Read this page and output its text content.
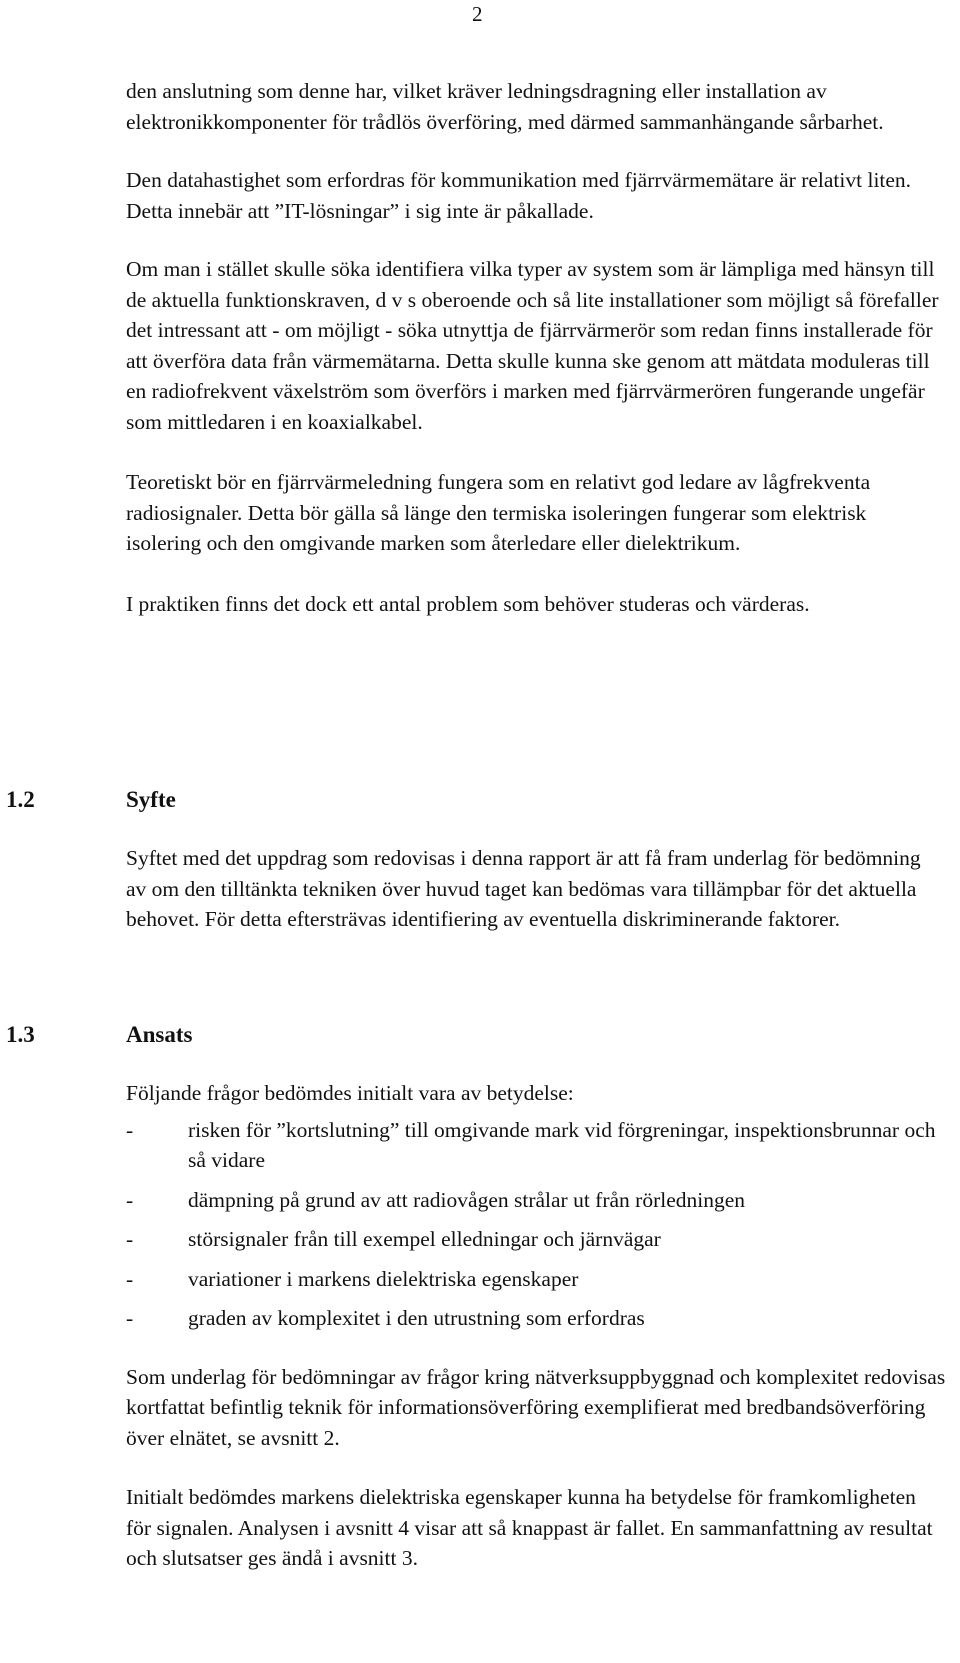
2

den anslutning som denne har, vilket kräver ledningsdragning eller installation av elektronikkomponenter för trådlös överföring, med därmed sammanhängande sårbarhet.

Den datahastighet som erfordras för kommunikation med fjärrvärmemätare är relativt liten. Detta innebär att ”IT-lösningar” i sig inte är påkallade.

Om man i stället skulle söka identifiera vilka typer av system som är lämpliga med hänsyn till de aktuella funktionskraven, d v s oberoende och så lite installationer som möjligt så förefaller det intressant att - om möjligt - söka utnyttja de fjärrvärmerör som redan finns installerade för att överföra data från värmemätarna. Detta skulle kunna ske genom att mätdata moduleras till en radiofrekvent växelström som överförs i marken med fjärrvärmerören fungerande ungefär som mittledaren i en koaxialkabel.

Teoretiskt bör en fjärrvärmeledning fungera som en relativt god ledare av lågfrekventa radiosignaler. Detta bör gälla så länge den termiska isoleringen fungerar som elektrisk isolering och den omgivande marken som återledare eller dielektrikum.

I praktiken finns det dock ett antal problem som behöver studeras och värderas.

1.2	Syfte

Syftet med det uppdrag som redovisas i denna rapport är att få fram underlag för bedömning av om den tilltänkta tekniken över huvud taget kan bedömas vara tillämpbar för det aktuella behovet. För detta eftersträvas identifiering av eventuella diskriminerande faktorer.

1.3	Ansats

Följande frågor bedömdes initialt vara av betydelse:

-	risken för ”kortslutning” till omgivande mark vid förgreningar, inspektionsbrunnar och så vidare
-	dämpning på grund av att radiovågen strålar ut från rörledningen
-	störsignaler från till exempel elledningar och järnvägar
-	variationer i markens dielektriska egenskaper
-	graden av komplexitet i den utrustning som erfordras

Som underlag för bedömningar av frågor kring nätverksuppbyggnad och komplexitet redovisas kortfattat befintlig teknik för informationsöverföring exemplifierat med bredbandsöverföring över elnätet, se avsnitt 2.

Initialt bedömdes markens dielektriska egenskaper kunna ha betydelse för framkomligheten för signalen. Analysen i avsnitt 4 visar att så knappast är fallet. En sammanfattning av resultat och slutsatser ges ändå i avsnitt 3.
